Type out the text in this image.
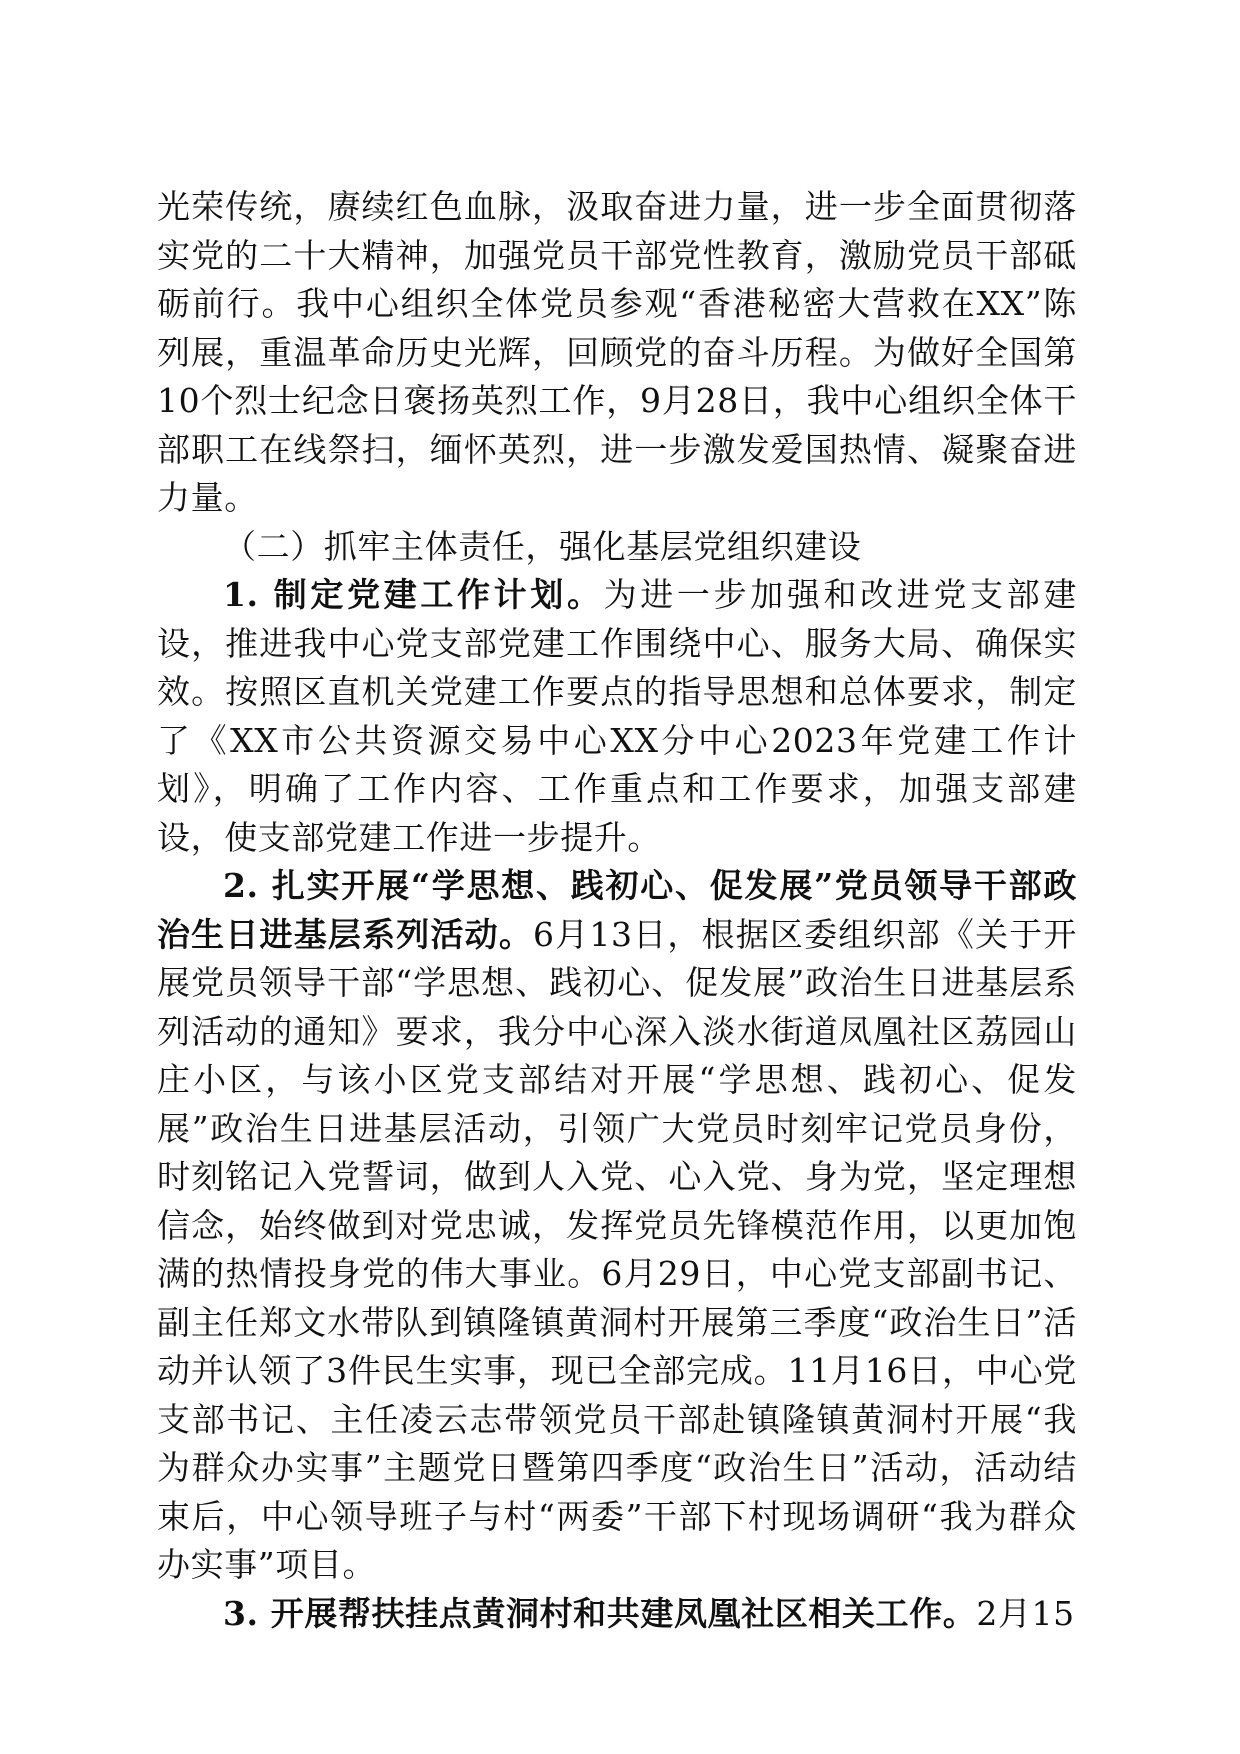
光荣传统，赓续红色血脉，汲取奋进力量，进一步全面贯彻落实党的二十大精神，加强党员干部党性教育，激励党员干部砥砺前行。我中心组织全体党员参观“香港秘密大营救在XX”陈列展，重温革命历史光辉，回顾党的奋斗历程。为做好全国第10个烈士纪念日褒扬英烈工作，9月28日，我中心组织全体干部职工在线祭扫，缅怀英烈，进一步激发爱国热情、凝聚奋进力量。

（二）抓牢主体责任，强化基层党组织建设

1. 制定党建工作计划。为进一步加强和改进党支部建设，推进我中心党支部党建工作围绕中心、服务大局、确保实效。按照区直机关党建工作要点的指导思想和总体要求，制定了《XX市公共资源交易中心XX分中心2023年党建工作计划》，明确了工作内容、工作重点和工作要求，加强支部建设，使支部党建工作进一步提升。

2. 扎实开展“学思想、践初心、促发展”党员领导干部政治生日进基层系列活动。6月13日，根据区委组织部《关于开展党员领导干部“学思想、践初心、促发展”政治生日进基层系列活动的通知》要求，我分中心深入淡水街道凤凰社区荔园山庄小区，与该小区党支部结对开展“学思想、践初心、促发展”政治生日进基层活动，引领广大党员时刻牢记党员身份，时刻铭记入党誓词，做到人入党、心入党、身为党，坚定理想信念，始终做到对党忠诚，发挥党员先锋模范作用，以更加饱满的热情投身党的伟大事业。6月29日，中心党支部副书记、副主任郑文水带队到镇隆镇黄洞村开展第三季度“政治生日”活动并认领了3件民生实事，现已全部完成。11月16日，中心党支部书记、主任凌云志带领党员干部赴镇隆镇黄洞村开展“我为群众办实事”主题党日暨第四季度“政治生日”活动，活动结束后，中心领导班子与村“两委”干部下村现场调研“我为群众办实事”项目。

3. 开展帮扶挂点黄洞村和共建凤凰社区相关工作。2月15
